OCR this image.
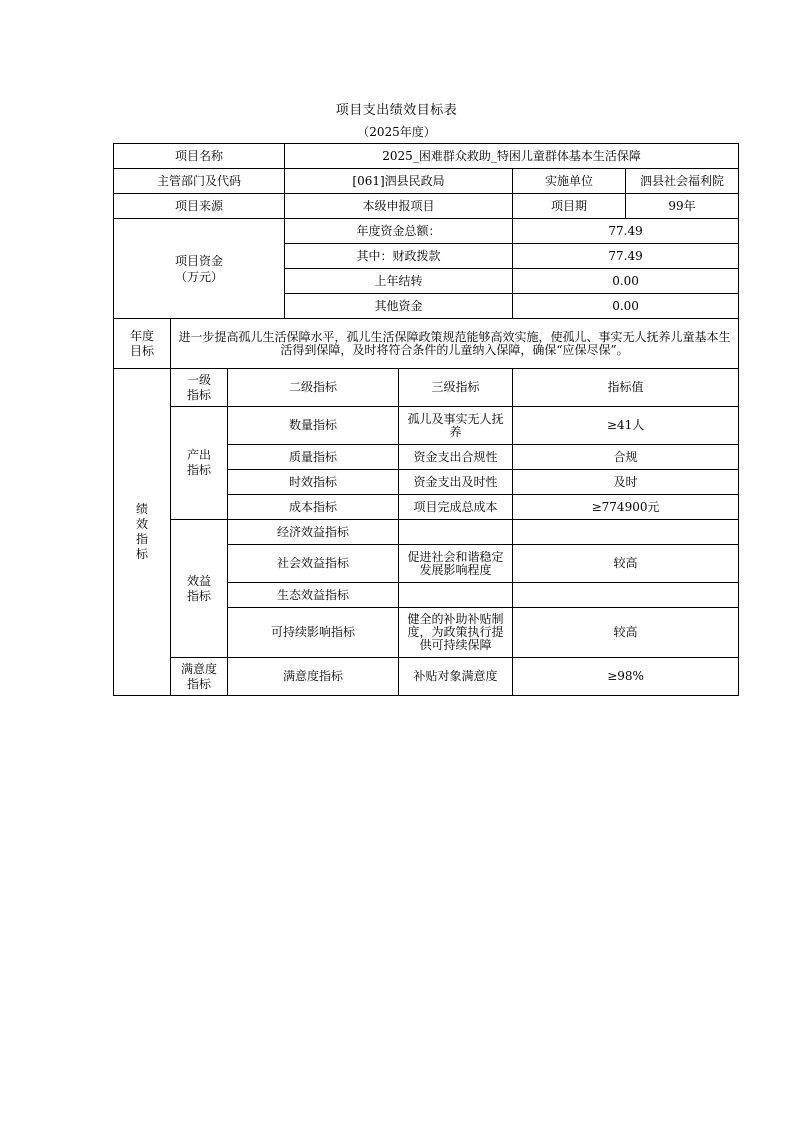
项目支出绩效目标表
（2025年度）
项目名称			2025_困难群众救助_特困儿童群体基本生活保障			
主管部门及代码			[061]泗县民政局		实施单位	泗县社会福利院
项目来源			本级申报项目		项目期	99年

项目资金（万元）			年度资金总额：		77.49	
			其中：财政拨款		77.49	
			上年结转		0.00	
			其他资金		0.00	

年度目标	进一步提高孤儿生活保障水平，孤儿生活保障政策规范能够高效实施，使孤儿、事实无人抚养儿童基本生活得到保障，及时将符合条件的儿童纳入保障，确保“应保尽保”。					

绩效指标	一级指标	二级指标		三级指标	指标值	

	产出指标	数量指标		孤儿及事实无人抚养	≥41人	
		质量指标		资金支出合规性	合规	
		时效指标		资金支出及时性	及时	
		成本指标		项目完成总成本	≥774900元	

	效益指标	经济效益指标				
		社会效益指标		促进社会和谐稳定发展影响程度	较高	
		生态效益指标				
		可持续影响指标		健全的补助补贴制度，为政策执行提供可持续保障	较高	

	满意度指标	满意度指标		补贴对象满意度	≥98%	
